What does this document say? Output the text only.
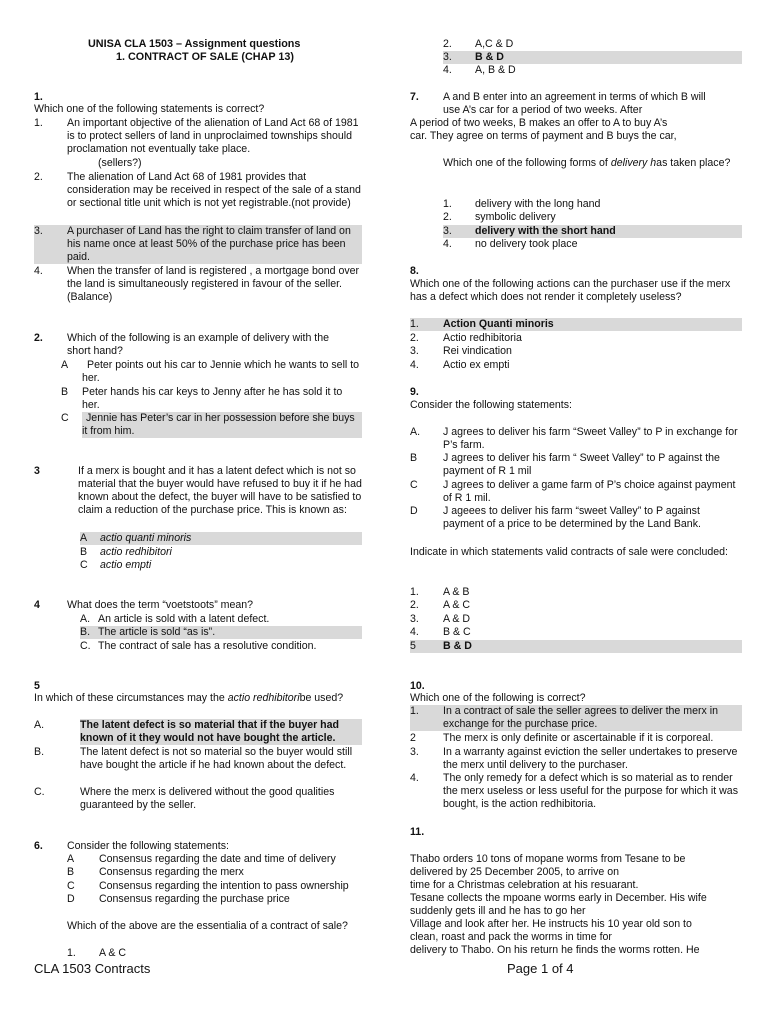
UNISA CLA 1503 – Assignment questions
1. CONTRACT OF SALE (CHAP 13)
1.
Which one of the following statements is correct?
1.	An important objective of the alienation of Land Act 68 of 1981 is to protect sellers of land in unproclaimed townships should proclamation not eventually take place.
(sellers?)
2.	The alienation of Land Act 68 of 1981 provides that consideration may be received in respect of the sale of a stand or sectional title unit which is not yet registrable.(not provide)
3.	A purchaser of Land has the right to claim transfer of land on his name once at least 50% of the purchase price has been paid.
4.	When the transfer of land is registered , a mortgage bond over the land is simultaneously registered in favour of the seller. (Balance)
2.	Which of the following is an example of delivery with the short hand?
A	Peter points out his car to Jennie which he wants to sell to her.
B	Peter hands his car keys to Jenny after he has sold it to her.
C	Jennie has Peter’s car in her possession before she buys it from him.
3	If a merx is bought and it has a latent defect which is not so material that the buyer would have refused to buy it if he had known about the defect, the buyer will have to be satisfied to claim a reduction of the purchase price. This is known as:
A	actio quanti minoris
B	actio redhibitori
C	actio empti
4	What does the term “voetstoots” mean?
A. An article is sold with a latent defect.
B. The article is sold “as is”.
C. The contract of sale has a resolutive condition.
5
In which of these circumstances may the actio redhibitoribe used?
A.	The latent defect is so material that if the buyer had known of it they would not have bought the article.
B.	The latent defect is not so material so the buyer would still have bought the article if he had known about the defect.
C.	Where the merx is delivered without the good qualities guaranteed by the seller.
6.	Consider the following statements:
A	Consensus regarding the date and time of delivery
B	Consensus regarding the merx
C	Consensus regarding the intention to pass ownership
D	Consensus regarding the purchase price
Which of the above are the essentialia of a contract of sale?
1.	A & C
2.	A,C & D
3.	B & D
4.	A, B & D
7. A and B enter into an agreement in terms of which B will
use A’s car for a period of two weeks. After
A period of two weeks, B makes an offer to A to buy A’s
car. They agree on terms of payment and B buys the car,
Which one of the following forms of delivery has taken place?
1.	delivery with the long hand
2.	symbolic delivery
3.	delivery with the short hand
4.	no delivery took place
8.
Which one of the following actions can the purchaser use if the merx has a defect which does not render it completely useless?
1.	Action Quanti minoris
2.	Actio redhibitoria
3.	Rei vindication
4.	Actio ex empti
9.
Consider the following statements:
A.	J agrees to deliver his farm “Sweet Valley” to P in exchange for P’s farm.
B	J agrees to deliver his farm “ Sweet Valley” to P against the payment of R 1 mil
C	J agrees to deliver a game farm of P’s choice against payment of R 1 mil.
D	J ageees to deliver his farm “sweet Valley” to P against payment of a price to be determined by the Land Bank.
Indicate in which statements valid contracts of sale were concluded:
1.	A & B
2.	A & C
3.	A & D
4.	B & C
5	B & D
10.
Which one of the following is correct?
1.	In a contract of sale the seller agrees to deliver the merx in exchange for the purchase price.
2	The merx is only definite or ascertainable if it is corporeal.
3.	In a warranty against eviction the seller undertakes to preserve the merx until delivery to the purchaser.
4.	The only remedy for a defect which is so material as to render the merx useless or less useful for the purpose for which it was bought, is the action redhibitoria.
11.
Thabo orders 10 tons of mopane worms from Tesane to be
delivered by 25 December 2005, to arrive on
time for a Christmas celebration at his resuarant.
Tesane collects the mpoane worms early in December. His wife
suddenly gets ill and he has to go her
Village and look after her. He instructs his 10 year old son to
clean, roast and pack the worms in time for
delivery to Thabo. On his return he finds the worms rotten. He
CLA 1503 Contracts	Page 1 of 4
